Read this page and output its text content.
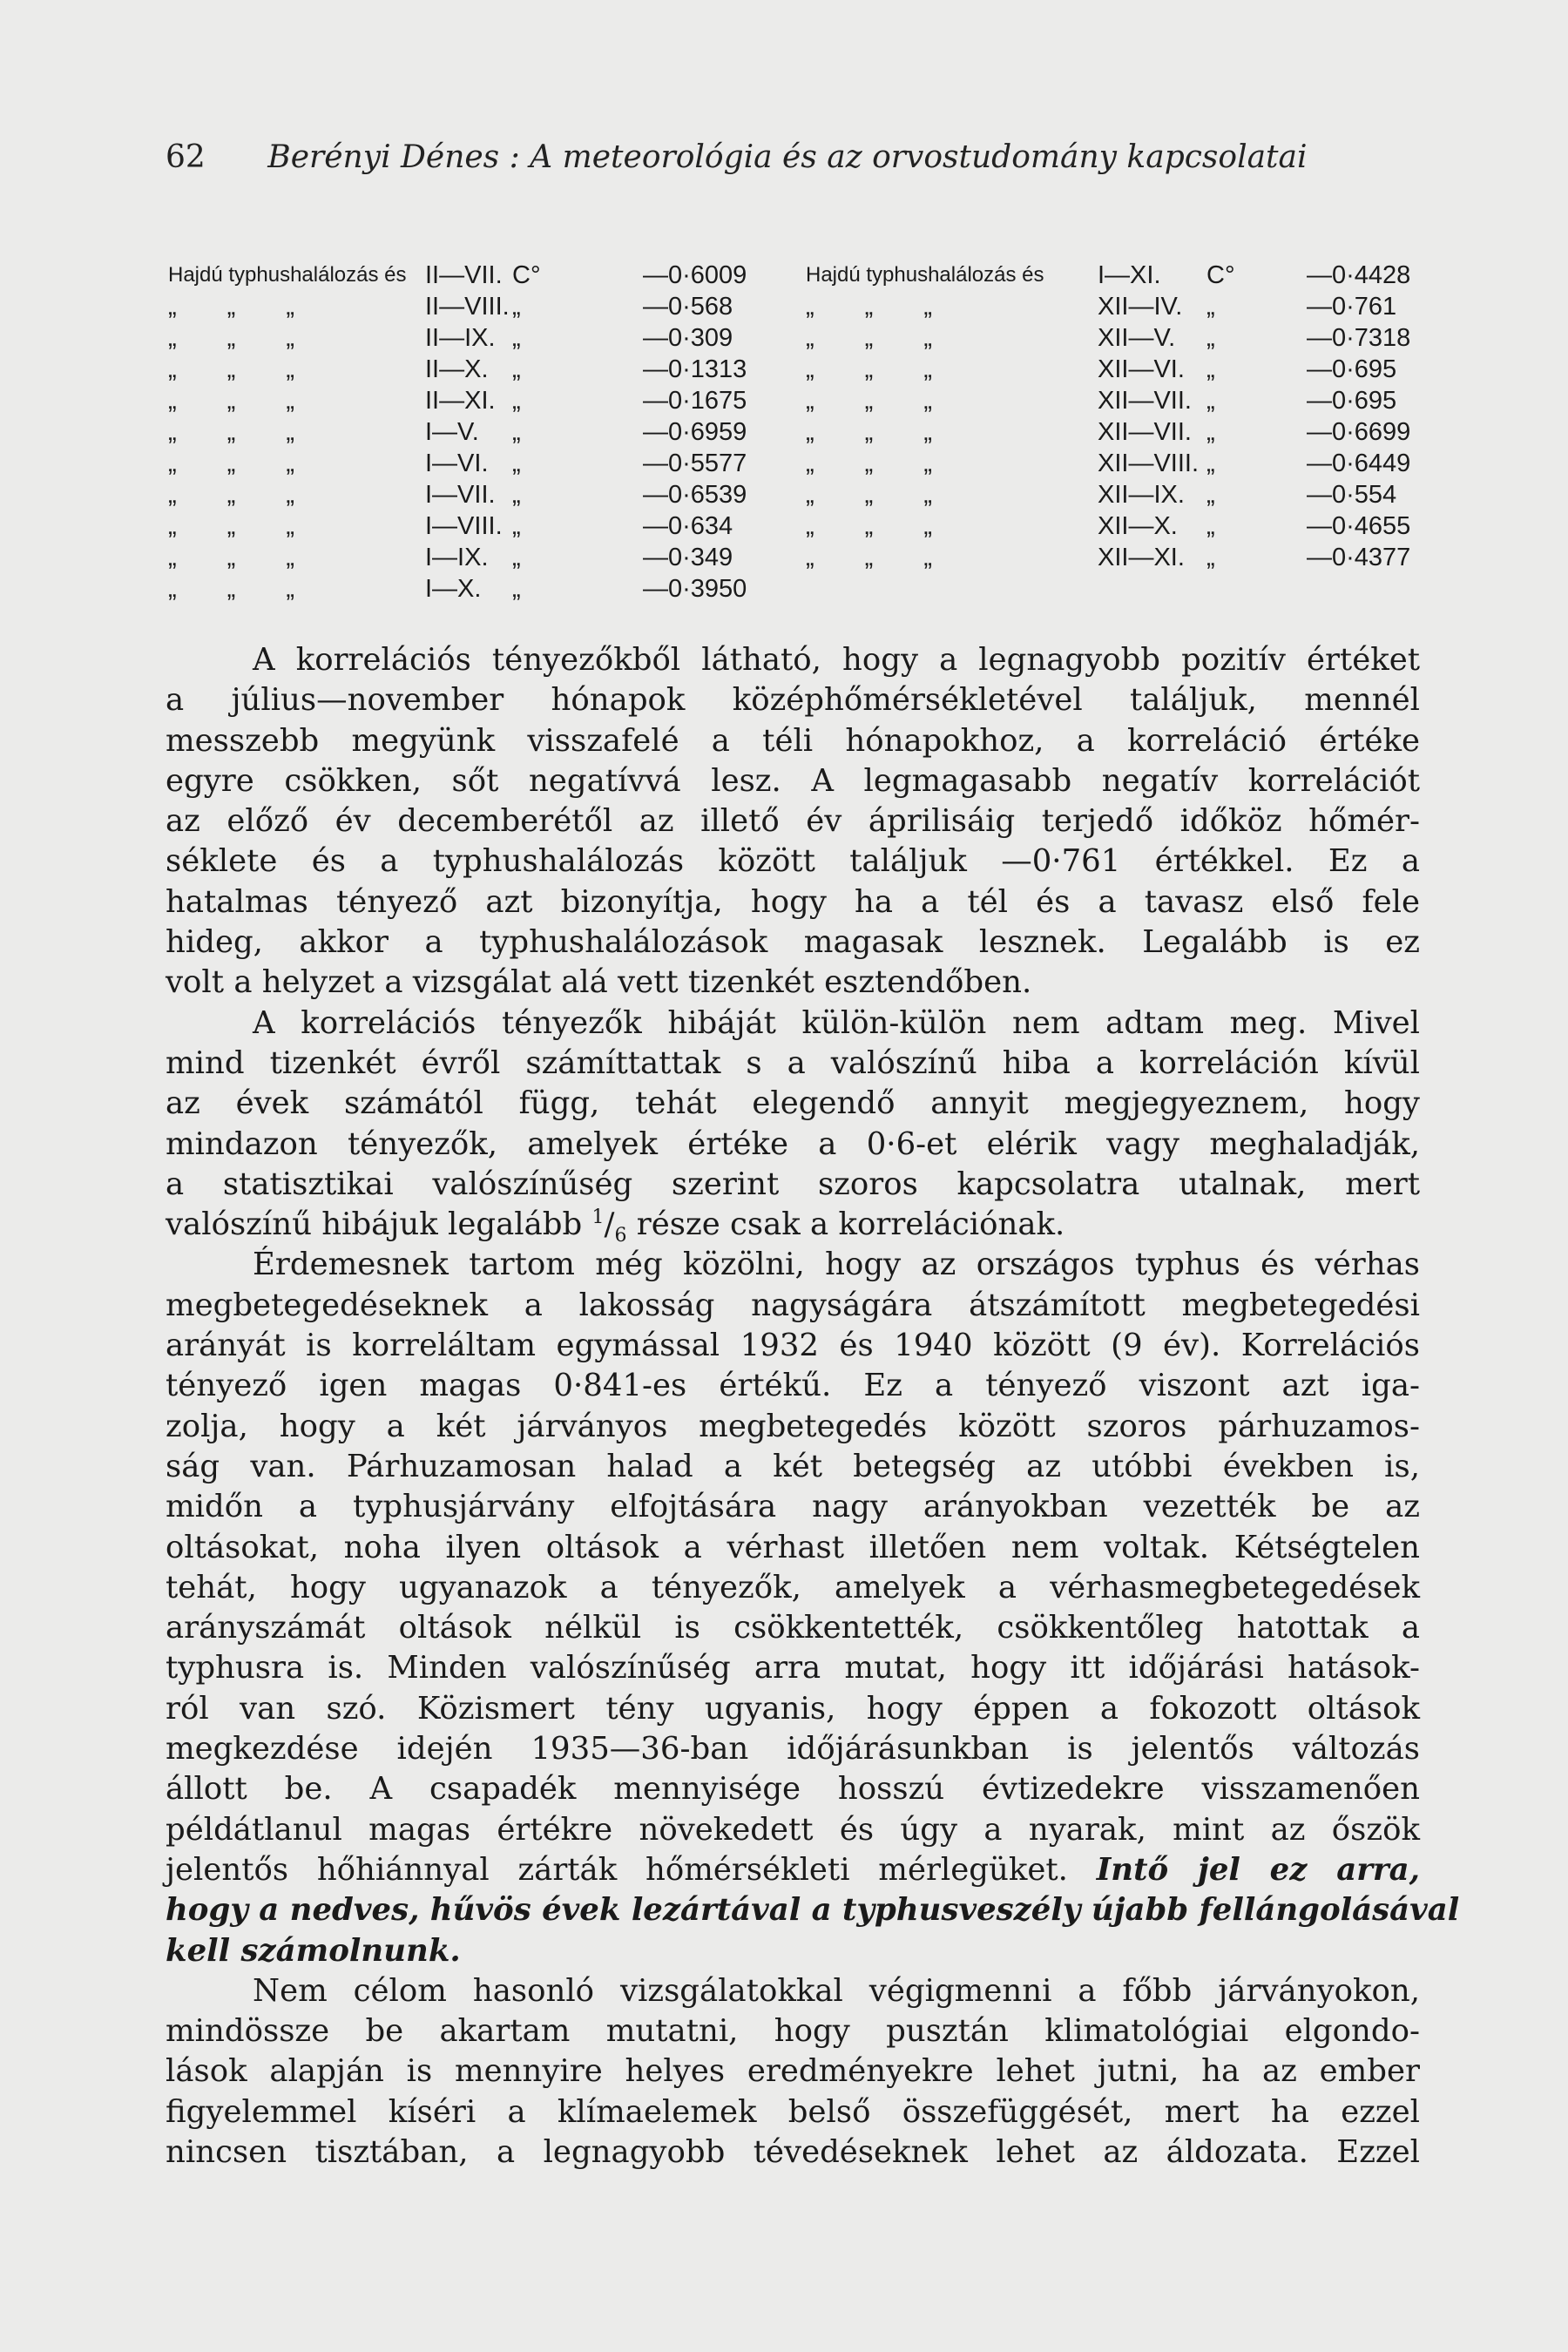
62 Berényi Dénes : A meteorológia és az orvostudomány kapcsolatai
Hajdú typhushalálozás és II—VII. C°	—0·6009
„  „  „	II—VIII. „	—0·568
„  „  „	II—IX. „	—0·309
„  „  „	II—X. „	—0·1313
„  „  „	II—XI. „	—0·1675
„  „  „	I—V. „	—0·6959
„  „  „	I—VI. „	—0·5577
„  „  „	I—VII. „	—0·6539
„  „  „	I—VIII. „	—0·634
„  „  „	I—IX. „	—0·349
„  „  „	I—X. „	—0·3950
Hajdú typhushalálozás és I—XI. C°	—0·4428
„  „  „	XII—IV. „	—0·761
„  „  „	XII—V. „	—0·7318
„  „  „	XII—VI. „	—0·695
„  „  „	XII—VII. „	—0·695
„  „  „	XII—VII. „	—0·6699
„  „  „	XII—VIII. „	—0·6449
„  „  „	XII—IX. „	—0·554
„  „  „	XII—X. „	—0·4655
„  „  „	XII—XI. „	—0·4377
A korrelációs tényezőkből látható, hogy a legnagyobb pozitív értéket
a július—november hónapok középhőmérsékletével találjuk, mennél
messzebb megyünk visszafelé a téli hónapokhoz, a korreláció értéke
egyre csökken, sőt negatívvá lesz. A legmagasabb negatív korrelációt
az előző év decemberétől az illető év áprilisáig terjedő időköz hőmér-
séklete és a typhushalálozás között találjuk —0·761 értékkel. Ez a
hatalmas tényező azt bizonyítja, hogy ha a tél és a tavasz első fele
hideg, akkor a typhushalálozások magasak lesznek. Legalább is ez
volt a helyzet a vizsgálat alá vett tizenkét esztendőben.
A korrelációs tényezők hibáját külön-külön nem adtam meg. Mivel
mind tizenkét évről számíttattak s a valószínű hiba a korreláción kívül
az évek számától függ, tehát elegendő annyit megjegyeznem, hogy
mindazon tényezők, amelyek értéke a 0·6-et elérik vagy meghaladják,
a statisztikai valószínűség szerint szoros kapcsolatra utalnak, mert
valószínű hibájuk legalább $^1/_6$ része csak a korrelációnak.
Érdemesnek tartom még közölni, hogy az országos typhus és vérhas
megbetegedéseknek a lakosság nagyságára átszámított megbetegedési
arányát is korreláltam egymással 1932 és 1940 között (9 év). Korrelációs
tényező igen magas 0·841-es értékű. Ez a tényező viszont azt iga-
zolja, hogy a két járványos megbetegedés között szoros párhuzamos-
ság van. Párhuzamosan halad a két betegség az utóbbi években is,
midőn a typhusjárvány elfojtására nagy arányokban vezették be az
oltásokat, noha ilyen oltások a vérhast illetően nem voltak. Kétségtelen
tehát, hogy ugyanazok a tényezők, amelyek a vérhasmegbetegedések
arányszámát oltások nélkül is csökkentették, csökkentőleg hatottak a
typhusra is. Minden valószínűség arra mutat, hogy itt időjárási hatások-
ról van szó. Közismert tény ugyanis, hogy éppen a fokozott oltások
megkezdése idején 1935—36-ban időjárásunkban is jelentős változás
állott be. A csapadék mennyisége hosszú évtizedekre visszamenően
példátlanul magas értékre növekedett és úgy a nyarak, mint az őszök
jelentős hőhiánnyal zárták hőmérsékleti mérlegüket. Intő jel ez arra,
hogy a nedves, hűvös évek lezártával a typhusveszély újabb fellángolásával
kell számolnunk.
Nem célom hasonló vizsgálatokkal végigmenni a főbb járványokon,
mindössze be akartam mutatni, hogy pusztán klimatológiai elgondo-
lások alapján is mennyire helyes eredményekre lehet jutni, ha az ember
figyelemmel kíséri a klímaelemek belső összefüggését, mert ha ezzel
nincsen tisztában, a legnagyobb tévedéseknek lehet az áldozata. Ezzel
